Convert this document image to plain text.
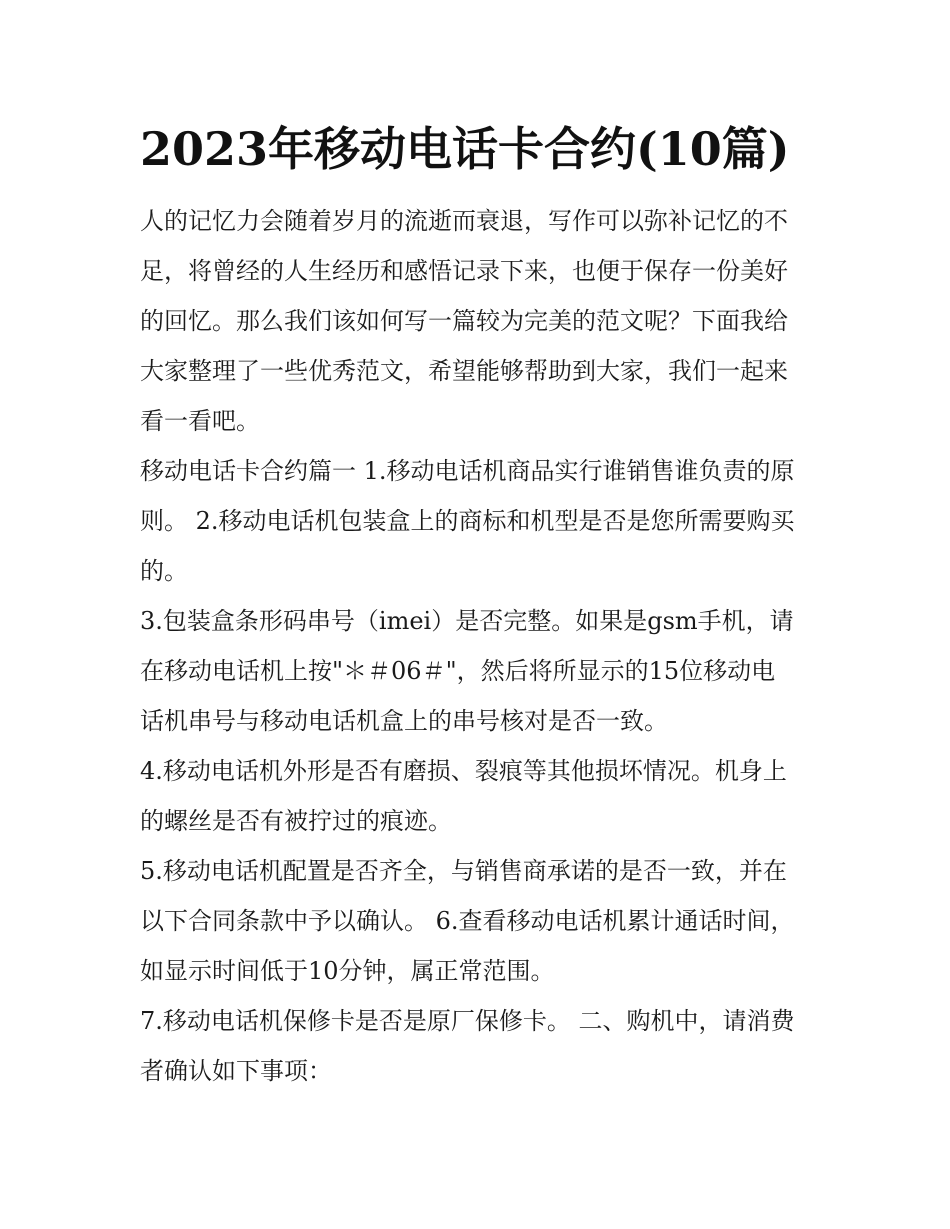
2023年移动电话卡合约(10篇)
人的记忆力会随着岁月的流逝而衰退，写作可以弥补记忆的不
足，将曾经的人生经历和感悟记录下来，也便于保存一份美好
的回忆。那么我们该如何写一篇较为完美的范文呢？下面我给
大家整理了一些优秀范文，希望能够帮助到大家，我们一起来
看一看吧。
移动电话卡合约篇一 1.移动电话机商品实行谁销售谁负责的原
则。 2.移动电话机包装盒上的商标和机型是否是您所需要购买
的。
3.包装盒条形码串号（imei）是否完整。如果是gsm手机，请
在移动电话机上按"＊＃06＃"，然后将所显示的15位移动电
话机串号与移动电话机盒上的串号核对是否一致。
4.移动电话机外形是否有磨损、裂痕等其他损坏情况。机身上
的螺丝是否有被拧过的痕迹。
5.移动电话机配置是否齐全，与销售商承诺的是否一致，并在
以下合同条款中予以确认。 6.查看移动电话机累计通话时间，
如显示时间低于10分钟，属正常范围。
7.移动电话机保修卡是否是原厂保修卡。 二、购机中，请消费
者确认如下事项：
